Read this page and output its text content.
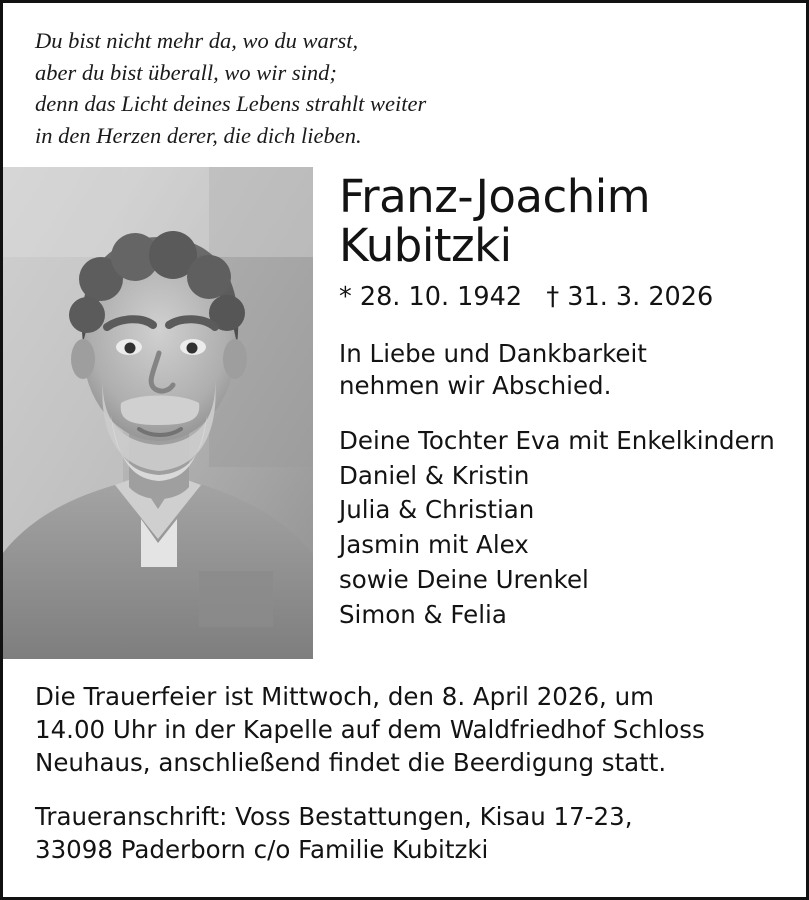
Du bist nicht mehr da, wo du warst,
aber du bist überall, wo wir sind;
denn das Licht deines Lebens strahlt weiter
in den Herzen derer, die dich lieben.
Franz-Joachim
Kubitzki
* 28. 10. 1942   † 31. 3. 2026
In Liebe und Dankbarkeit
nehmen wir Abschied.
Deine Tochter Eva mit Enkelkindern
Daniel & Kristin
Julia & Christian
Jasmin mit Alex
sowie Deine Urenkel
Simon & Felia
Die Trauerfeier ist Mittwoch, den 8. April 2026, um
14.00 Uhr in der Kapelle auf dem Waldfriedhof Schloss
Neuhaus, anschließend findet die Beerdigung statt.
Traueranschrift: Voss Bestattungen, Kisau 17-23,
33098 Paderborn c/o Familie Kubitzki
